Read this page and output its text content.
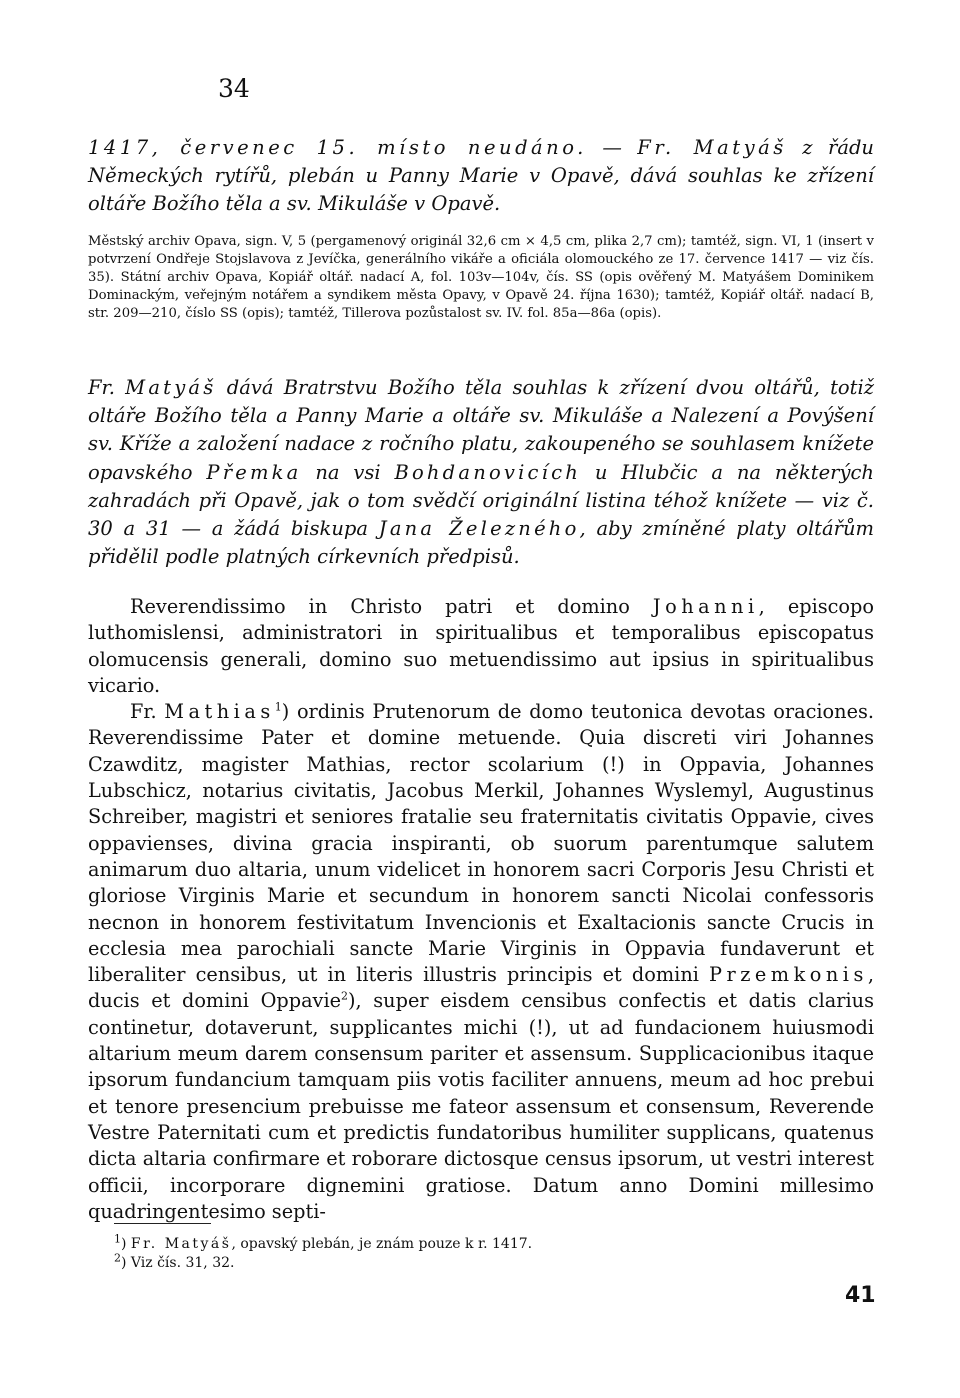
34
1417, červenec 15. místo neudáno. — Fr. Matyáš z řádu Německých rytířů, plebán u Panny Marie v Opavě, dává souhlas ke zřízení oltáře Božího těla a sv. Mikuláše v Opavě.
Městský archiv Opava, sign. V, 5 (pergamenový originál 32,6 cm × 4,5 cm, plika 2,7 cm); tamtéž, sign. VI, 1 (insert v potvrzení Ondřeje Stojslavova z Jevíčka, generálního vikáře a oficiála olomouckého ze 17. července 1417 — viz čís. 35). Státní archiv Opava, Kopiář oltář. nadací A, fol. 103v—104v, čís. SS (opis ověřený M. Matyášem Dominikem Dominackým, veřejným notářem a syndikem města Opavy, v Opavě 24. října 1630); tamtéž, Kopiář oltář. nadací B, str. 209—210, číslo SS (opis); tamtéž, Tillerova pozůstalost sv. IV. fol. 85a—86a (opis).
Fr. Matyáš dává Bratrstvu Božího těla souhlas k zřízení dvou oltářů, totiž oltáře Božího těla a Panny Marie a oltáře sv. Mikuláše a Nalezení a Povýšení sv. Kříže a založení nadace z ročního platu, zakoupeného se souhlasem knížete opavského Přemka na vsi Bohdanovicích u Hlubčic a na některých zahradách při Opavě, jak o tom svědčí originální listina téhož knížete — viz č. 30 a 31 — a žádá biskupa Jana Železného, aby zmíněné platy oltářům přidělil podle platných církevních předpisů.

Reverendissimo in Christo patri et domino Johanni, episcopo luthomislensi, administratori in spiritualibus et temporalibus episcopatus olomucensis generali, domino suo metuendissimo aut ipsius in spiritualibus vicario.

Fr. Mathias$^1$) ordinis Prutenorum de domo teutonica devotas oraciones. Reverendissime Pater et domine metuende. Quia discreti viri Johannes Czawditz, magister Mathias, rector scolarium (!) in Oppavia, Johannes Lubschicz, notarius civitatis, Jacobus Merkil, Johannes Wyslemyl, Augustinus Schreiber, magistri et seniores fratalie seu fraternitatis civitatis Oppavie, cives oppavienses, divina gracia inspiranti, ob suorum parentumque salutem animarum duo altaria, unum videlicet in honorem sacri Corporis Jesu Christi et gloriose Virginis Marie et secundum in honorem sancti Nicolai confessoris necnon in honorem festivitatum Invencionis et Exaltacionis sancte Crucis in ecclesia mea parochiali sancte Marie Virginis in Oppavia fundaverunt et liberaliter censibus, ut in literis illustris principis et domini Przemkonis, ducis et domini Oppavie$^2$), super eisdem censibus confectis et datis clarius continetur, dotaverunt, supplicantes michi (!), ut ad fundacionem huiusmodi altarium meum darem consensum pariter et assensum. Supplicacionibus itaque ipsorum fundancium tamquam piis votis faciliter annuens, meum ad hoc prebui et tenore presencium prebuisse me fateor assensum et consensum, Reverende Vestre Paternitati cum et predictis fundatoribus humiliter supplicans, quatenus dicta altaria confirmare et roborare dictosque census ipsorum, ut vestri interest officii, incorporare dignemini gratiose. Datum anno Domini millesimo quadringentesimo septi-

$^1$) Fr. Matyáš, opavský plebán, je znám pouze k r. 1417.
$^2$) Viz čís. 31, 32.
41
